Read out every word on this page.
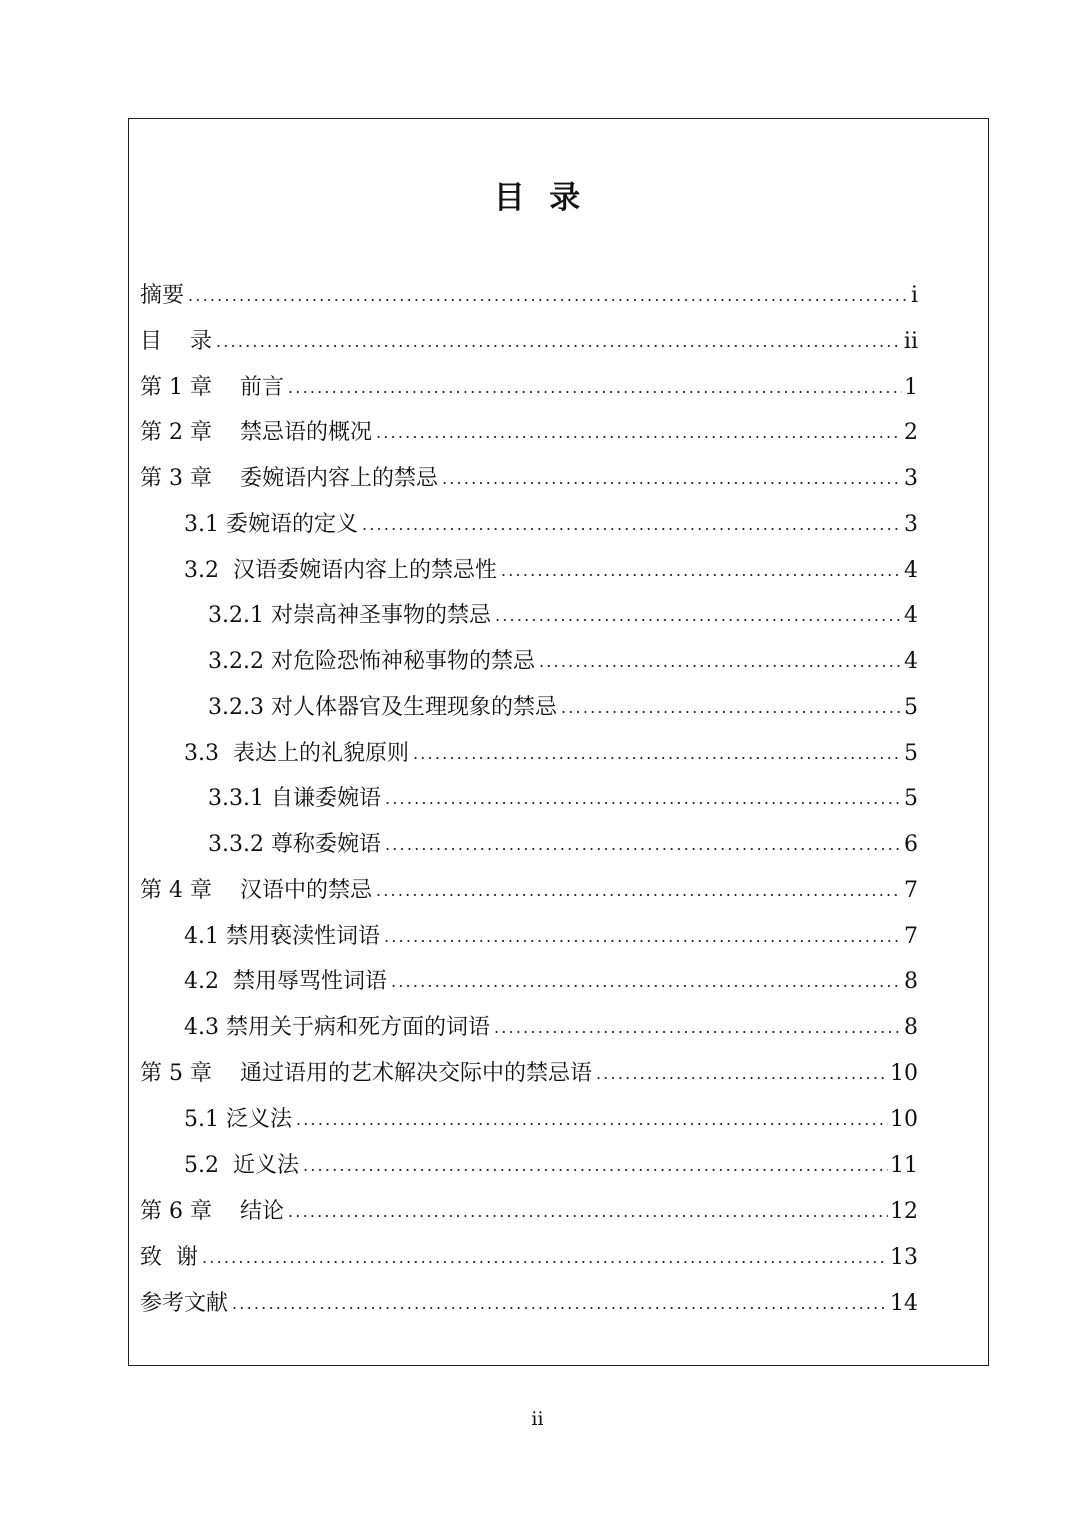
目  录
摘要 .....	i
目    录 .....	ii
第 1 章    前言 .....	1
第 2 章    禁忌语的概况 .....	2
第 3 章    委婉语内容上的禁忌 .....	3
3.1 委婉语的定义 .....	3
3.2  汉语委婉语内容上的禁忌性 .....	4
3.2.1 对崇高神圣事物的禁忌 .....	4
3.2.2 对危险恐怖神秘事物的禁忌 .....	4
3.2.3 对人体器官及生理现象的禁忌 .....	5
3.3  表达上的礼貌原则 .....	5
3.3.1 自谦委婉语 .....	5
3.3.2 尊称委婉语 .....	6
第 4 章    汉语中的禁忌 .....	7
4.1 禁用亵渎性词语 .....	7
4.2  禁用辱骂性词语 .....	8
4.3 禁用关于病和死方面的词语 .....	8
第 5 章    通过语用的艺术解决交际中的禁忌语 .....	10
5.1 泛义法 .....	10
5.2  近义法 .....	11
第 6 章    结论 .....	12
致  谢 .....	13
参考文献 .....	14
ii
